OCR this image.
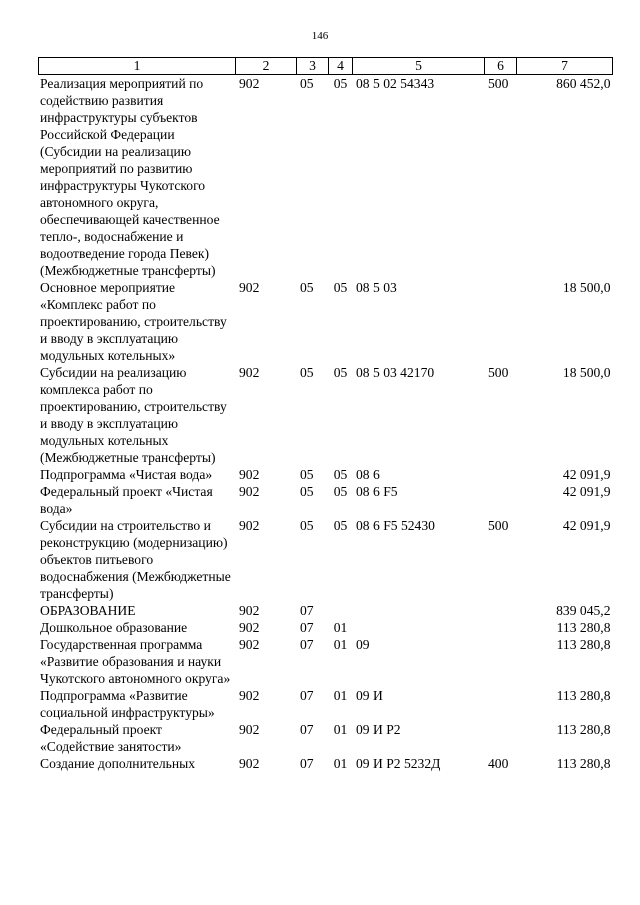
146
1	2	3	4	5	6	7
Реализация мероприятий по содействию развития инфраструктуры субъектов Российской Федерации (Субсидии на реализацию мероприятий по развитию инфраструктуры Чукотского автономного округа, обеспечивающей качественное тепло-, водоснабжение и водоотведение города Певек) (Межбюджетные трансферты)	902	05	05	08 5 02 54343	500	860 452,0
Основное мероприятие «Комплекс работ по проектированию, строительству и вводу в эксплуатацию модульных котельных»	902	05	05	08 5 03		18 500,0
Субсидии на реализацию комплекса работ по проектированию, строительству и вводу в эксплуатацию модульных котельных (Межбюджетные трансферты)	902	05	05	08 5 03 42170	500	18 500,0
Подпрограмма «Чистая вода»	902	05	05	08 6		42 091,9
Федеральный проект «Чистая вода»	902	05	05	08 6 F5		42 091,9
Субсидии на строительство и реконструкцию (модернизацию) объектов питьевого водоснабжения (Межбюджетные трансферты)	902	05	05	08 6 F5 52430	500	42 091,9
ОБРАЗОВАНИЕ	902	07				839 045,2
Дошкольное образование	902	07	01			113 280,8
Государственная программа «Развитие образования и науки Чукотского автономного округа»	902	07	01	09		113 280,8
Подпрограмма «Развитие социальной инфраструктуры»	902	07	01	09 И		113 280,8
Федеральный проект «Содействие занятости»	902	07	01	09 И P2		113 280,8
Создание дополнительных	902	07	01	09 И P2 5232Д	400	113 280,8
